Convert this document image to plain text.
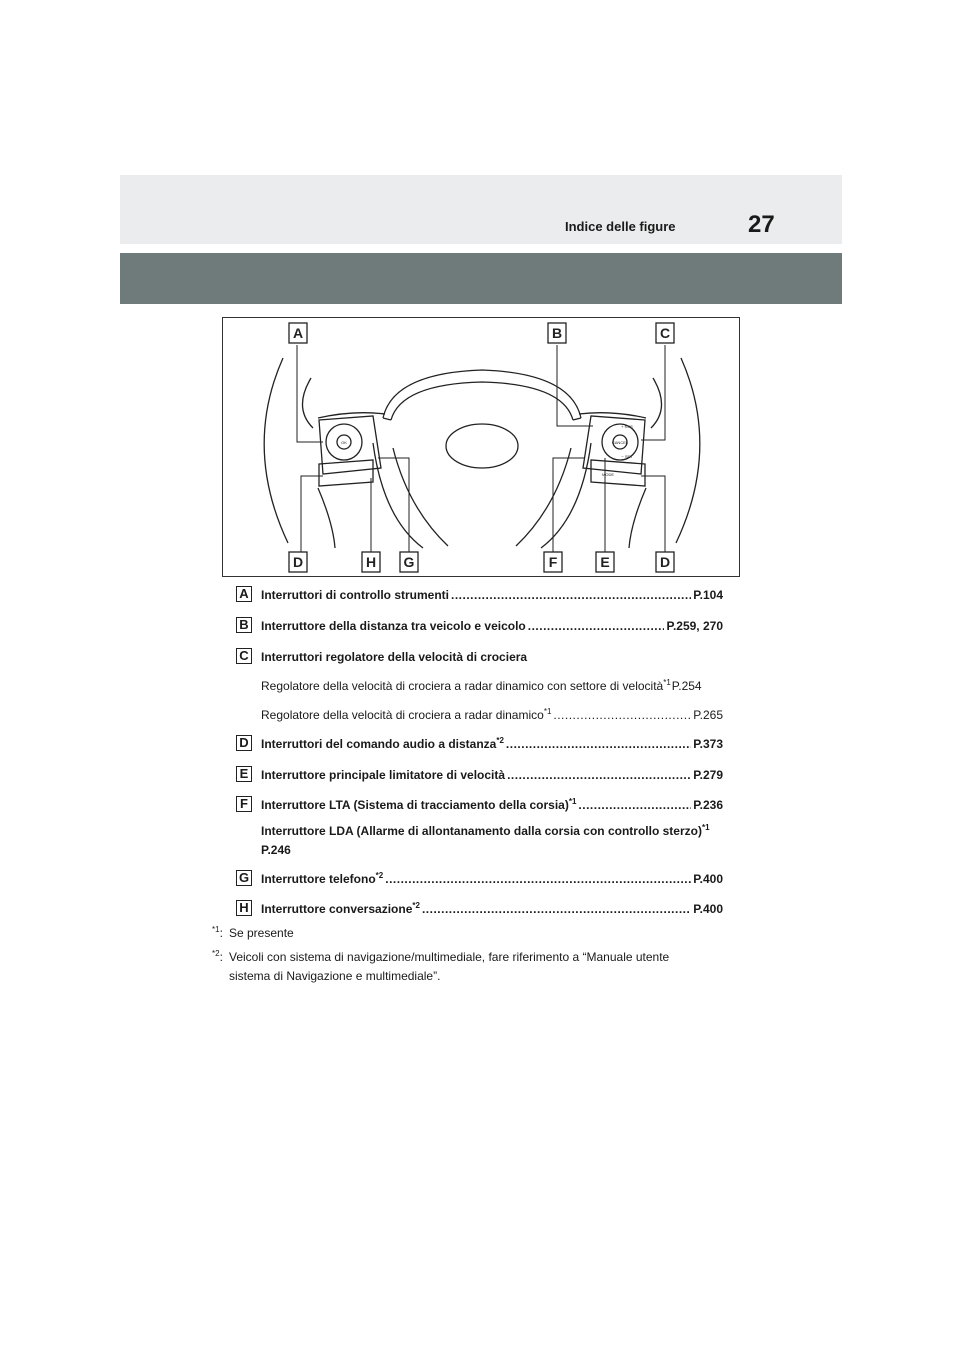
Indice delle figure	27
OK
MODE
+ RES
− SET
CANCEL
A	B	C
D	H G	F	E	D
A Interruttori di controllo strumenti .....	P.104
B Interruttore della distanza tra veicolo e veicolo .....	P.259, 270
C Interruttori regolatore della velocità di crociera
Regolatore della velocità di crociera a radar dinamico con settore di velocità$^{*1}$ P.254
Regolatore della velocità di crociera a radar dinamico$^{*1}$ .....	P.265
D Interruttori del comando audio a distanza$^{*2}$ .....	P.373
E	Interruttore principale limitatore di velocità .....	P.279
F	Interruttore LTA (Sistema di tracciamento della corsia)$^{*1}$ .....	P.236
Interruttore LDA (Allarme di allontanamento dalla corsia con controllo sterzo)$^{*1}$
P.246
G Interruttore telefono$^{*2}$ .....	P.400
H Interruttore conversazione$^{*2}$ .....	P.400
$^{*1}$: Se presente
$^{*2}$: Veicoli con sistema di navigazione/multimediale, fare riferimento a “Manuale utente
sistema di Navigazione e multimediale”.
